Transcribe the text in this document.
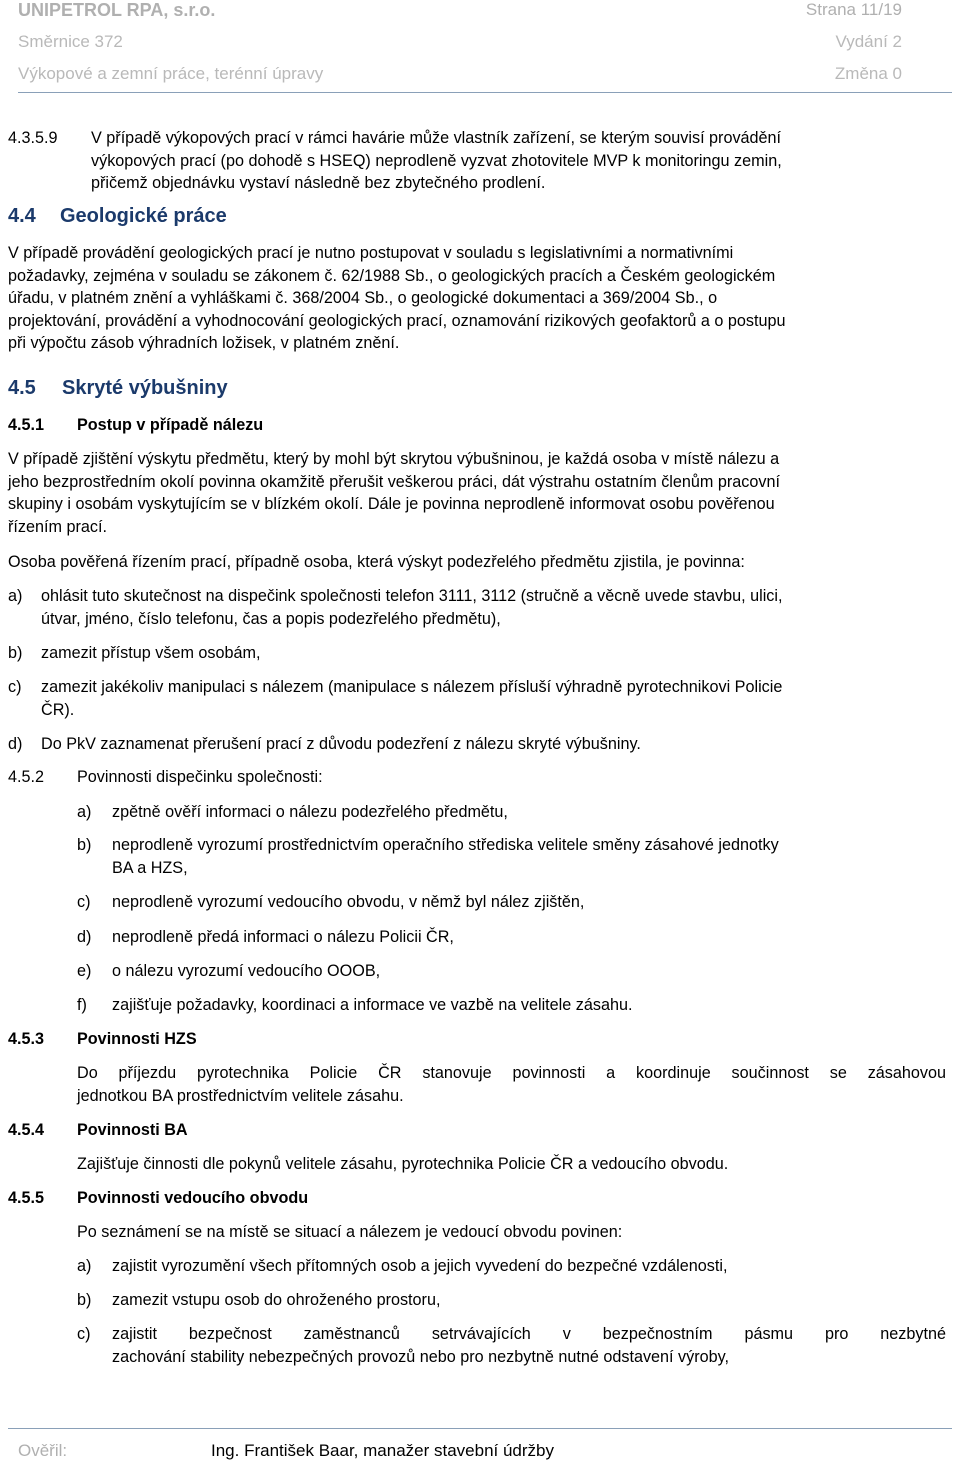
UNIPETROL RPA, s.r.o.	Strana 11/19
Směrnice 372	Vydání 2
Výkopové a zemní práce, terénní úpravy	Změna 0
4.3.5.9 V případě výkopových prací v rámci havárie může vlastník zařízení, se kterým souvisí provádění
výkopových prací (po dohodě s HSEQ) neprodleně vyzvat zhotovitele MVP k monitoringu zemin,
přičemž objednávku vystaví následně bez zbytečného prodlení.
4.4 Geologické práce
V případě provádění geologických prací je nutno postupovat v souladu s legislativními a normativními
požadavky, zejména v souladu se zákonem č. 62/1988 Sb., o geologických pracích a Českém geologickém
úřadu, v platném znění a vyhláškami č. 368/2004 Sb., o geologické dokumentaci a 369/2004 Sb., o
projektování, provádění a vyhodnocování geologických prací, oznamování rizikových geofaktorů a o postupu
při výpočtu zásob výhradních ložisek, v platném znění.
4.5 Skryté výbušniny
4.5.1 Postup v případě nálezu
V případě zjištění výskytu předmětu, který by mohl být skrytou výbušninou, je každá osoba v místě nálezu a
jeho bezprostředním okolí povinna okamžitě přerušit veškerou práci, dát výstrahu ostatním členům pracovní
skupiny i osobám vyskytujícím se v blízkém okolí. Dále je povinna neprodleně informovat osobu pověřenou
řízením prací.
Osoba pověřená řízením prací, případně osoba, která výskyt podezřelého předmětu zjistila, je povinna:
a) ohlásit tuto skutečnost na dispečink společnosti telefon 3111, 3112 (stručně a věcně uvede stavbu, ulici,
útvar, jméno, číslo telefonu, čas a popis podezřelého předmětu),
b) zamezit přístup všem osobám,
c) zamezit jakékoliv manipulaci s nálezem (manipulace s nálezem přísluší výhradně pyrotechnikovi Policie
ČR).
d) Do PkV zaznamenat přerušení prací z důvodu podezření z nálezu skryté výbušniny.
4.5.2 Povinnosti dispečinku společnosti:
a) zpětně ověří informaci o nálezu podezřelého předmětu,
b) neprodleně vyrozumí prostřednictvím operačního střediska velitele směny zásahové jednotky
BA a HZS,
c) neprodleně vyrozumí vedoucího obvodu, v němž byl nález zjištěn,
d) neprodleně předá informaci o nálezu Policii ČR,
e) o nálezu vyrozumí vedoucího OOOB,
f) zajišťuje požadavky, koordinaci a informace ve vazbě na velitele zásahu.
4.5.3 Povinnosti HZS
Do příjezdu pyrotechnika Policie ČR stanovuje povinnosti a koordinuje součinnost se zásahovou
jednotkou BA prostřednictvím velitele zásahu.
4.5.4 Povinnosti BA
Zajišťuje činnosti dle pokynů velitele zásahu, pyrotechnika Policie ČR a vedoucího obvodu.
4.5.5 Povinnosti vedoucího obvodu
Po seznámení se na místě se situací a nálezem je vedoucí obvodu povinen:
a) zajistit vyrozumění všech přítomných osob a jejich vyvedení do bezpečné vzdálenosti,
b) zamezit vstupu osob do ohroženého prostoru,
c) zajistit bezpečnost zaměstnanců setrvávajících v bezpečnostním pásmu pro nezbytné
zachování stability nebezpečných provozů nebo pro nezbytně nutné odstavení výroby,
Ověřil:	Ing. František Baar, manažer stavební údržby
